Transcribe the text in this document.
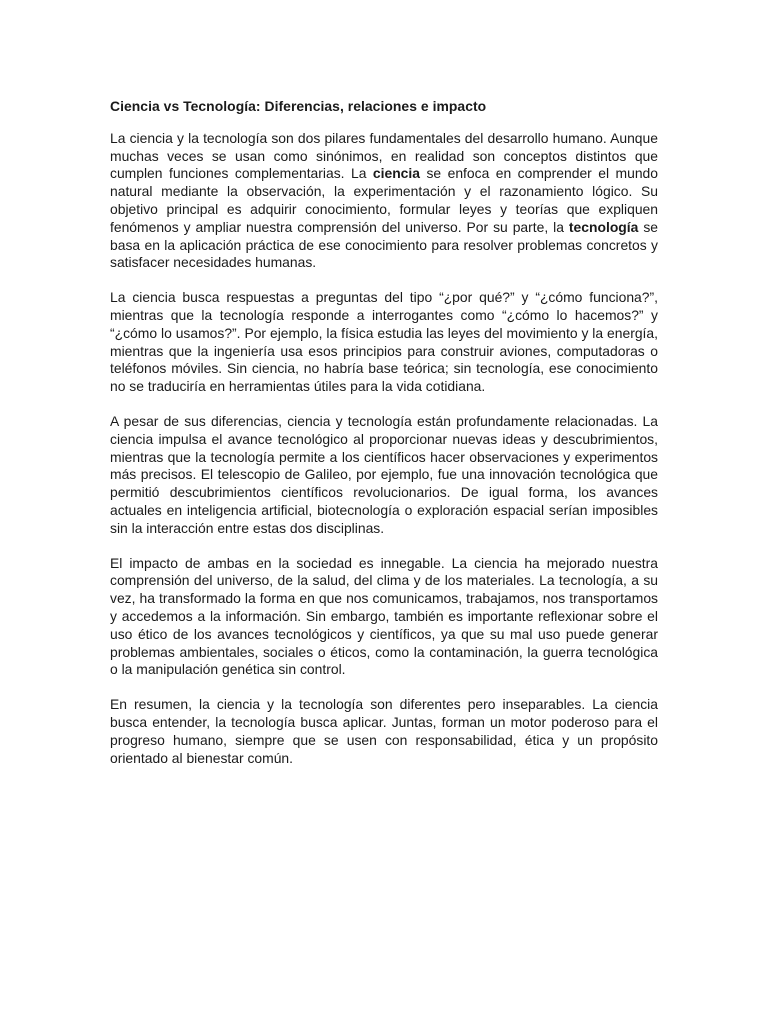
Ciencia vs Tecnología: Diferencias, relaciones e impacto

La ciencia y la tecnología son dos pilares fundamentales del desarrollo humano. Aunque muchas veces se usan como sinónimos, en realidad son conceptos distintos que cumplen funciones complementarias. La ciencia se enfoca en comprender el mundo natural mediante la observación, la experimentación y el razonamiento lógico. Su objetivo principal es adquirir conocimiento, formular leyes y teorías que expliquen fenómenos y ampliar nuestra comprensión del universo. Por su parte, la tecnología se basa en la aplicación práctica de ese conocimiento para resolver problemas concretos y satisfacer necesidades humanas.

La ciencia busca respuestas a preguntas del tipo “¿por qué?” y “¿cómo funciona?”, mientras que la tecnología responde a interrogantes como “¿cómo lo hacemos?” y “¿cómo lo usamos?”. Por ejemplo, la física estudia las leyes del movimiento y la energía, mientras que la ingeniería usa esos principios para construir aviones, computadoras o teléfonos móviles. Sin ciencia, no habría base teórica; sin tecnología, ese conocimiento no se traduciría en herramientas útiles para la vida cotidiana.

A pesar de sus diferencias, ciencia y tecnología están profundamente relacionadas. La ciencia impulsa el avance tecnológico al proporcionar nuevas ideas y descubrimientos, mientras que la tecnología permite a los científicos hacer observaciones y experimentos más precisos. El telescopio de Galileo, por ejemplo, fue una innovación tecnológica que permitió descubrimientos científicos revolucionarios. De igual forma, los avances actuales en inteligencia artificial, biotecnología o exploración espacial serían imposibles sin la interacción entre estas dos disciplinas.

El impacto de ambas en la sociedad es innegable. La ciencia ha mejorado nuestra comprensión del universo, de la salud, del clima y de los materiales. La tecnología, a su vez, ha transformado la forma en que nos comunicamos, trabajamos, nos transportamos y accedemos a la información. Sin embargo, también es importante reflexionar sobre el uso ético de los avances tecnológicos y científicos, ya que su mal uso puede generar problemas ambientales, sociales o éticos, como la contaminación, la guerra tecnológica o la manipulación genética sin control.

En resumen, la ciencia y la tecnología son diferentes pero inseparables. La ciencia busca entender, la tecnología busca aplicar. Juntas, forman un motor poderoso para el progreso humano, siempre que se usen con responsabilidad, ética y un propósito orientado al bienestar común.
